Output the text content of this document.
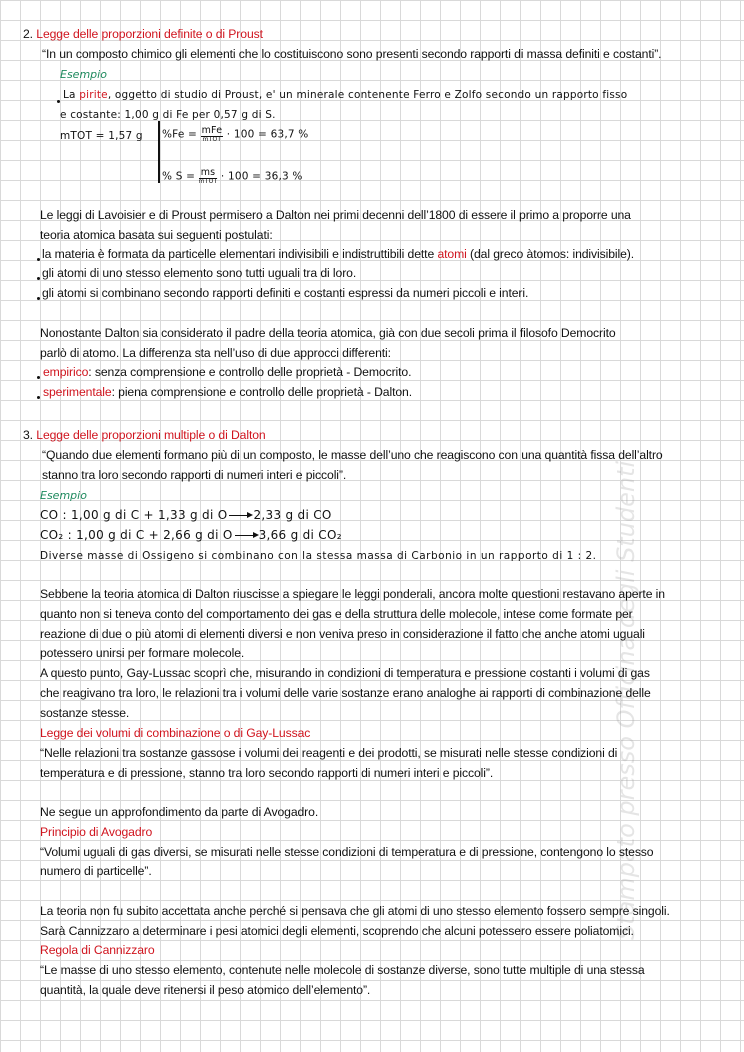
Stampato presso Officina degli Studenti
2. Legge delle proporzioni definite o di Proust
“In un composto chimico gli elementi che lo costituiscono sono presenti secondo rapporti di massa definiti e costanti”.
Esempio
La pirite, oggetto di studio di Proust, e' un minerale contenente Ferro e Zolfo secondo un rapporto fisso
e costante: 1,00 g di Fe per 0,57 g di S.
mTOT = 1,57 g $\%Fe = \frac{\text{mFe}}{\text{mTOT}} \cdot 100 = 63,7$ %
% $S = \frac{ms}{\text{mTOT}} \cdot 100 = 36,3$ %
Le leggi di Lavoisier e di Proust permisero a Dalton nei primi decenni dell’1800 di essere il primo a proporre una
teoria atomica basata sui seguenti postulati:
la materia è formata da particelle elementari indivisibili e indistruttibili dette atomi (dal greco àtomos: indivisibile).
gli atomi di uno stesso elemento sono tutti uguali tra di loro.
gli atomi si combinano secondo rapporti definiti e costanti espressi da numeri piccoli e interi.
Nonostante Dalton sia considerato il padre della teoria atomica, già con due secoli prima il filosofo Democrito
parlò di atomo. La differenza sta nell’uso di due approcci differenti:
empirico: senza comprensione e controllo delle proprietà - Democrito.
sperimentale: piena comprensione e controllo delle proprietà - Dalton.
3. Legge delle proporzioni multiple o di Dalton
“Quando due elementi formano più di un composto, le masse dell’uno che reagiscono con una quantità fissa dell’altro
stanno tra loro secondo rapporti di numeri interi e piccoli”.
Esempio
CO : 1,00 g di C + 1,33 g di O 2,33 g di CO
CO₂ : 1,00 g di C + 2,66 g di O 3,66 g di CO₂
Diverse masse di Ossigeno si combinano con la stessa massa di Carbonio in un rapporto di 1 : 2.
Sebbene la teoria atomica di Dalton riuscisse a spiegare le leggi ponderali, ancora molte questioni restavano aperte in
quanto non si teneva conto del comportamento dei gas e della struttura delle molecole, intese come formate per
reazione di due o più atomi di elementi diversi e non veniva preso in considerazione il fatto che anche atomi uguali
potessero unirsi per formare molecole.
A questo punto, Gay-Lussac scoprì che, misurando in condizioni di temperatura e pressione costanti i volumi di gas
che reagivano tra loro, le relazioni tra i volumi delle varie sostanze erano analoghe ai rapporti di combinazione delle
sostanze stesse.
Legge dei volumi di combinazione o di Gay-Lussac
“Nelle relazioni tra sostanze gassose i volumi dei reagenti e dei prodotti, se misurati nelle stesse condizioni di
temperatura e di pressione, stanno tra loro secondo rapporti di numeri interi e piccoli”.
Ne segue un approfondimento da parte di Avogadro.
Principio di Avogadro
“Volumi uguali di gas diversi, se misurati nelle stesse condizioni di temperatura e di pressione, contengono lo stesso
numero di particelle”.
La teoria non fu subito accettata anche perché si pensava che gli atomi di uno stesso elemento fossero sempre singoli.
Sarà Cannizzaro a determinare i pesi atomici degli elementi, scoprendo che alcuni potessero essere poliatomici.
Regola di Cannizzaro
“Le masse di uno stesso elemento, contenute nelle molecole di sostanze diverse, sono tutte multiple di una stessa
quantità, la quale deve ritenersi il peso atomico dell’elemento”.
